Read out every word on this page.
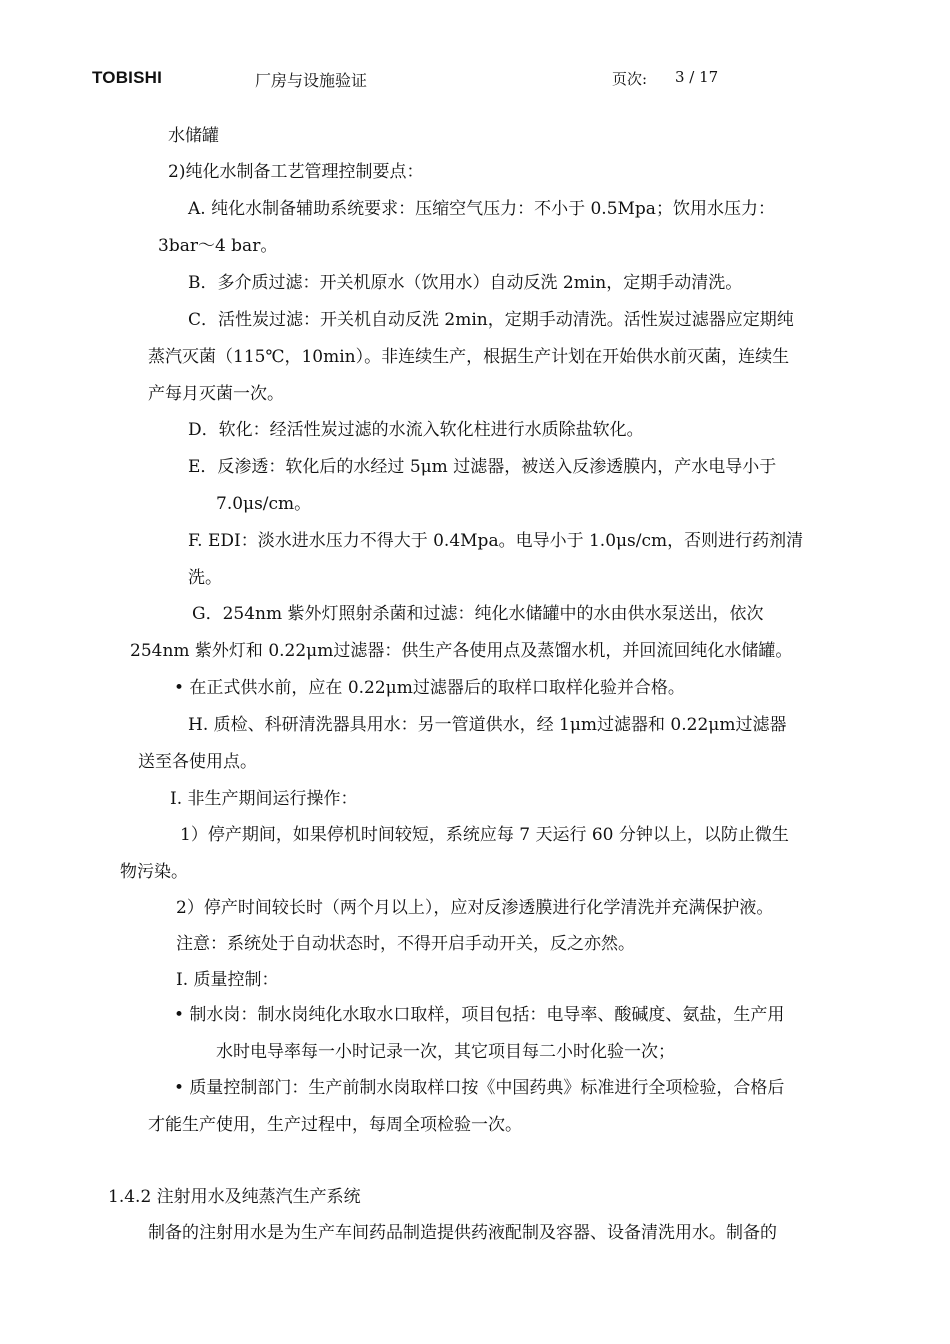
TOBISHI	厂房与设施验证	页次: 3 / 17
水储罐
2)纯化水制备工艺管理控制要点：
A. 纯化水制备辅助系统要求：压缩空气压力：不小于 0.5Mpa；饮用水压力：
3bar～4 bar。
B．多介质过滤：开关机原水（饮用水）自动反洗 2min，定期手动清洗。
C．活性炭过滤：开关机自动反洗 2min，定期手动清洗。活性炭过滤器应定期纯
蒸汽灭菌（115℃，10min）。非连续生产，根据生产计划在开始供水前灭菌，连续生
产每月灭菌一次。
D．软化：经活性炭过滤的水流入软化柱进行水质除盐软化。
E．反渗透：软化后的水经过 5μm 过滤器，被送入反渗透膜内，产水电导小于
7.0μs/cm。
F. EDI：淡水进水压力不得大于 0.4Mpa。电导小于 1.0μs/cm，否则进行药剂清
洗。
G．254nm 紫外灯照射杀菌和过滤：纯化水储罐中的水由供水泵送出，依次
254nm 紫外灯和 0.22μm过滤器：供生产各使用点及蒸馏水机，并回流回纯化水储罐。
• 在正式供水前，应在 0.22μm过滤器后的取样口取样化验并合格。
H. 质检、科研清洗器具用水：另一管道供水，经 1μm过滤器和 0.22μm过滤器
送至各使用点。
I. 非生产期间运行操作：
1）停产期间，如果停机时间较短，系统应每 7 天运行 60 分钟以上，以防止微生
物污染。
2）停产时间较长时（两个月以上），应对反渗透膜进行化学清洗并充满保护液。
注意：系统处于自动状态时，不得开启手动开关，反之亦然。
I. 质量控制：
• 制水岗：制水岗纯化水取水口取样，项目包括：电导率、酸碱度、氨盐，生产用
水时电导率每一小时记录一次，其它项目每二小时化验一次；
• 质量控制部门：生产前制水岗取样口按《中国药典》标准进行全项检验，合格后
才能生产使用，生产过程中，每周全项检验一次。
1.4.2 注射用水及纯蒸汽生产系统
制备的注射用水是为生产车间药品制造提供药液配制及容器、设备清洗用水。制备的
